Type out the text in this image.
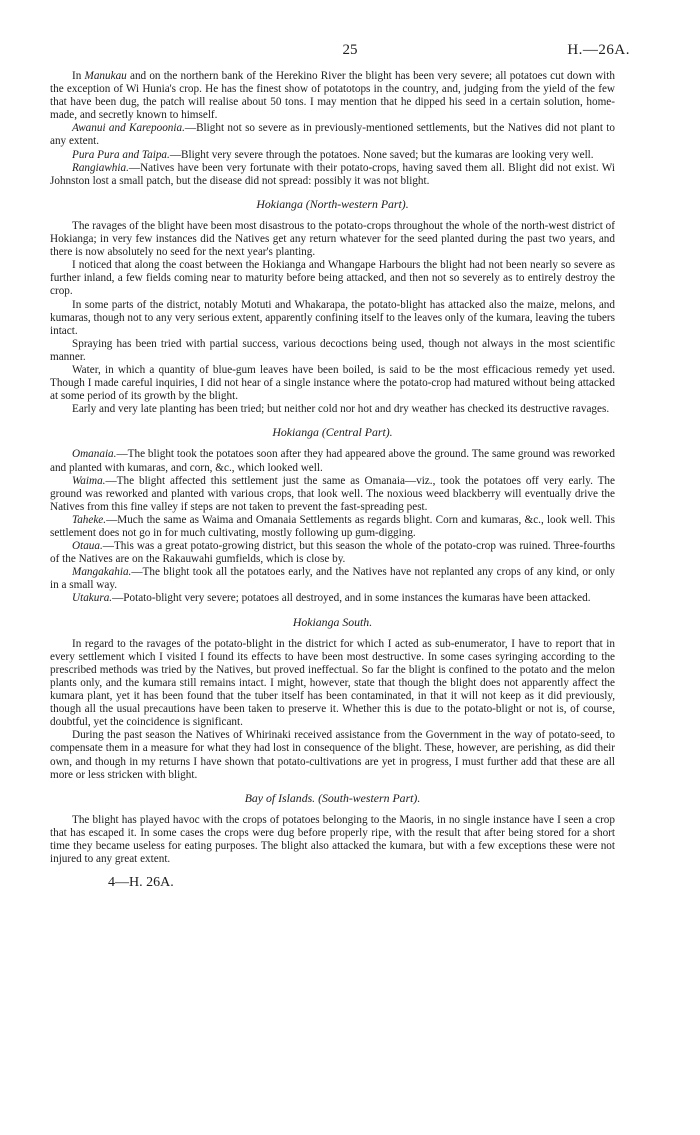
25	H.—26A.

In Manukau and on the northern bank of the Herekino River the blight has been very severe; all potatoes cut down with the exception of Wi Hunia's crop. He has the finest show of potatotops in the country, and, judging from the yield of the few that have been dug, the patch will realise about 50 tons. I may mention that he dipped his seed in a certain solution, home-made, and secretly known to himself.

Awanui and Karepoonia.—Blight not so severe as in previously-mentioned settlements, but the Natives did not plant to any extent.

Pura Pura and Taipa.—Blight very severe through the potatoes. None saved; but the kumaras are looking very well.

Rangiawhia.—Natives have been very fortunate with their potato-crops, having saved them all. Blight did not exist. Wi Johnston lost a small patch, but the disease did not spread: possibly it was not blight.

Hokianga (North-western Part).

The ravages of the blight have been most disastrous to the potato-crops throughout the whole of the north-west district of Hokianga; in very few instances did the Natives get any return whatever for the seed planted during the past two years, and there is now absolutely no seed for the next year's planting.

I noticed that along the coast between the Hokianga and Whangape Harbours the blight had not been nearly so severe as further inland, a few fields coming near to maturity before being attacked, and then not so severely as to entirely destroy the crop.

In some parts of the district, notably Motuti and Whakarapa, the potato-blight has attacked also the maize, melons, and kumaras, though not to any very serious extent, apparently confining itself to the leaves only of the kumara, leaving the tubers intact.

Spraying has been tried with partial success, various decoctions being used, though not always in the most scientific manner.

Water, in which a quantity of blue-gum leaves have been boiled, is said to be the most efficacious remedy yet used. Though I made careful inquiries, I did not hear of a single instance where the potato-crop had matured without being attacked at some period of its growth by the blight.

Early and very late planting has been tried; but neither cold nor hot and dry weather has checked its destructive ravages.

Hokianga (Central Part).

Omanaia.—The blight took the potatoes soon after they had appeared above the ground. The same ground was reworked and planted with kumaras, and corn, &c., which looked well.

Waima.—The blight affected this settlement just the same as Omanaia—viz., took the potatoes off very early. The ground was reworked and planted with various crops, that look well. The noxious weed blackberry will eventually drive the Natives from this fine valley if steps are not taken to prevent the fast-spreading pest.

Taheke.—Much the same as Waima and Omanaia Settlements as regards blight. Corn and kumaras, &c., look well. This settlement does not go in for much cultivating, mostly following up gum-digging.

Otaua.—This was a great potato-growing district, but this season the whole of the potato-crop was ruined. Three-fourths of the Natives are on the Rakauwahi gumfields, which is close by.

Mangakahia.—The blight took all the potatoes early, and the Natives have not replanted any crops of any kind, or only in a small way.

Utakura.—Potato-blight very severe; potatoes all destroyed, and in some instances the kumaras have been attacked.

Hokianga South.

In regard to the ravages of the potato-blight in the district for which I acted as sub-enumerator, I have to report that in every settlement which I visited I found its effects to have been most destructive. In some cases syringing according to the prescribed methods was tried by the Natives, but proved ineffectual. So far the blight is confined to the potato and the melon plants only, and the kumara still remains intact. I might, however, state that though the blight does not apparently affect the kumara plant, yet it has been found that the tuber itself has been contaminated, in that it will not keep as it did previously, though all the usual precautions have been taken to preserve it. Whether this is due to the potato-blight or not is, of course, doubtful, yet the coincidence is significant.

During the past season the Natives of Whirinaki received assistance from the Government in the way of potato-seed, to compensate them in a measure for what they had lost in consequence of the blight. These, however, are perishing, as did their own, and though in my returns I have shown that potato-cultivations are yet in progress, I must further add that these are all more or less stricken with blight.

Bay of Islands. (South-western Part).

The blight has played havoc with the crops of potatoes belonging to the Maoris, in no single instance have I seen a crop that has escaped it. In some cases the crops were dug before properly ripe, with the result that after being stored for a short time they became useless for eating purposes. The blight also attacked the kumara, but with a few exceptions these were not injured to any great extent.

4—H. 26A.
